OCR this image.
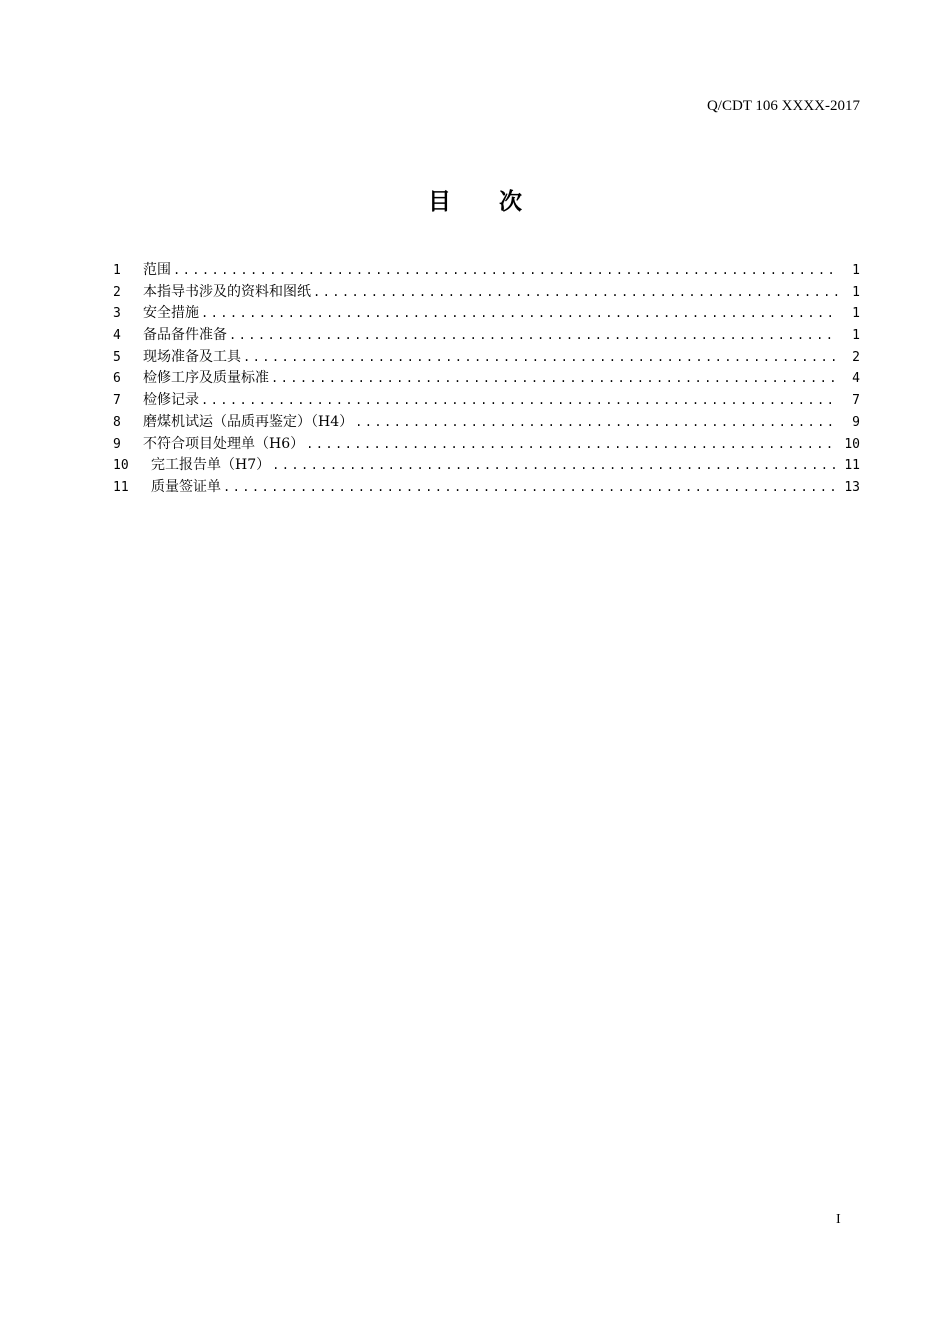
Q/CDT 106 XXXX-2017
目次
1	范围 .....	1
2	本指导书涉及的资料和图纸 .....	1
3	安全措施 .....	1
4	备品备件准备 .....	1
5	现场准备及工具 .....	2
6	检修工序及质量标准 .....	4
7	检修记录 .....	7
8	磨煤机试运（品质再鉴定）（H4） .....	9
9	不符合项目处理单（H6） .....	10
10	完工报告单（H7） .....	11
11	质量签证单 .....	13
I
